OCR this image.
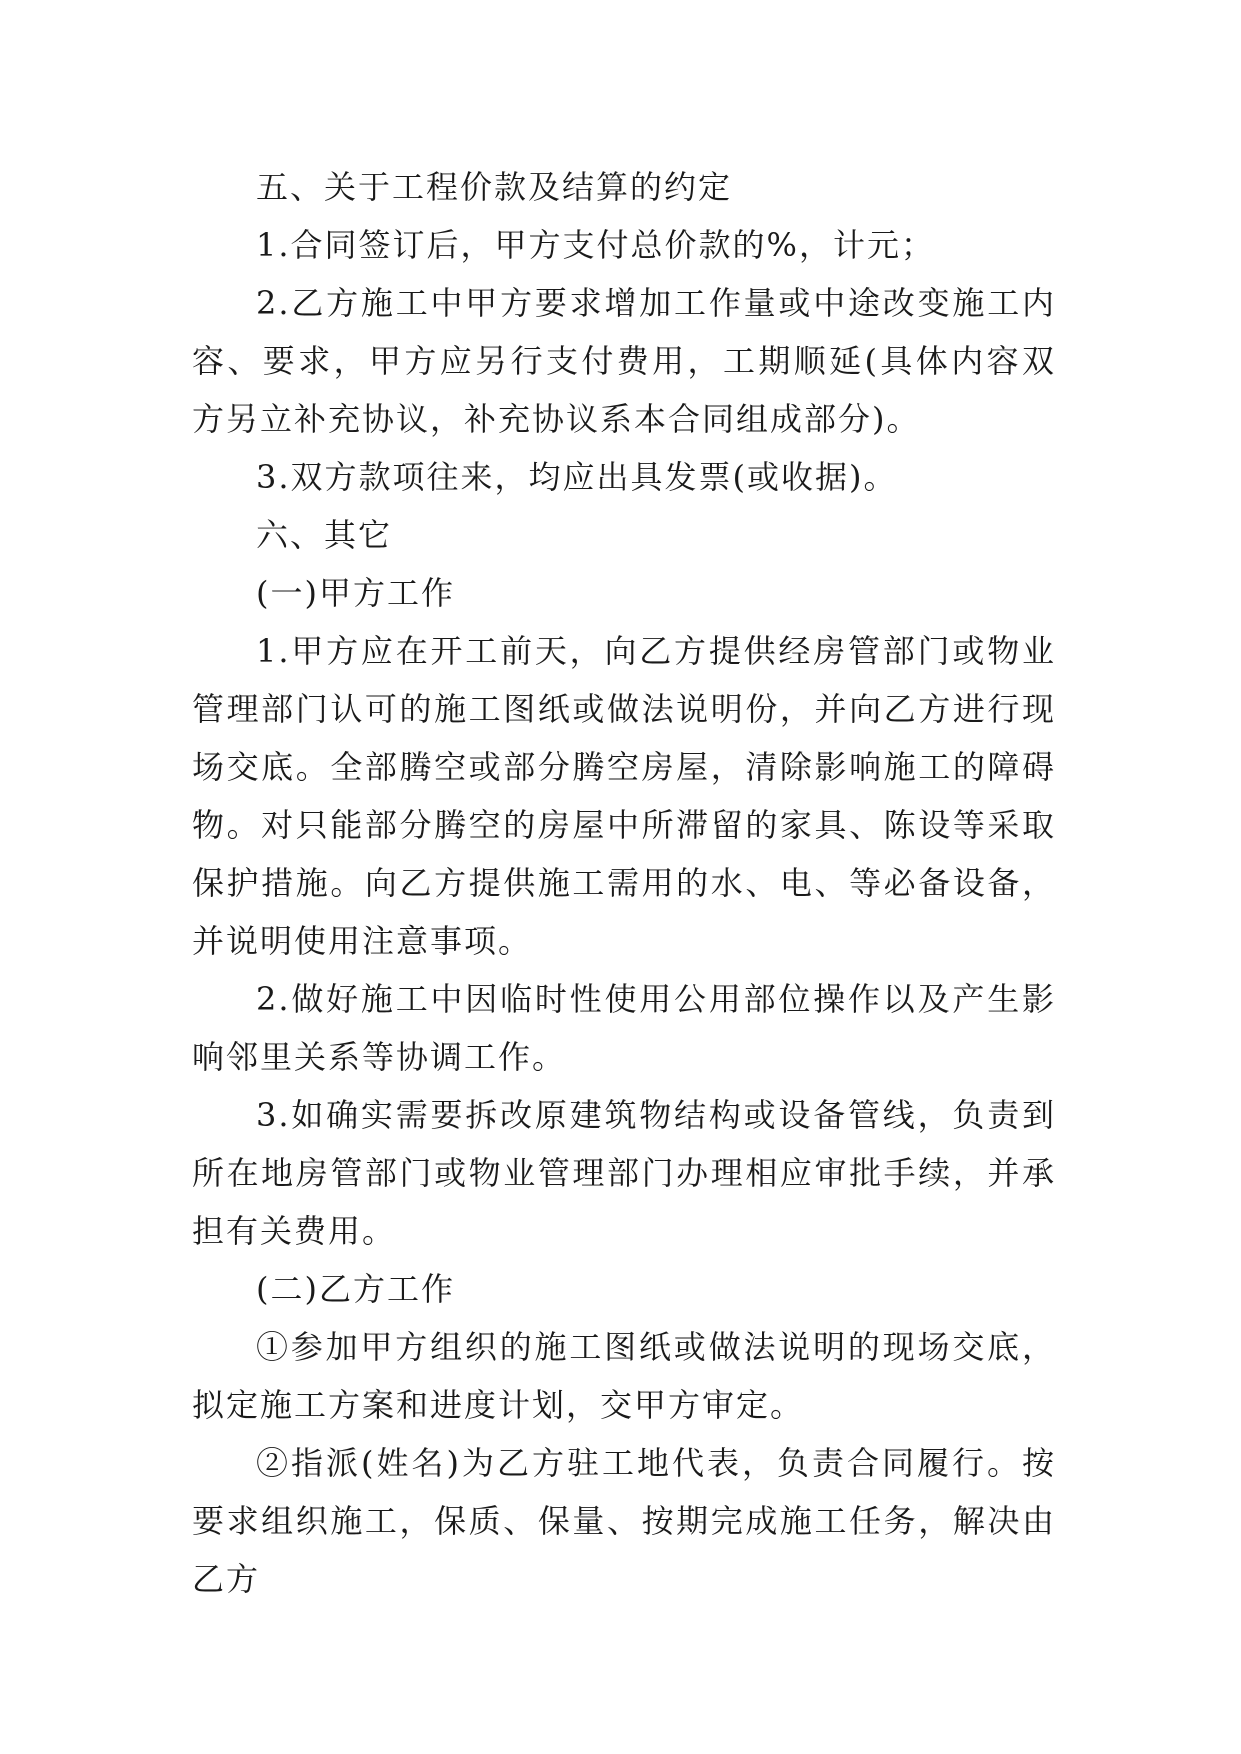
五、关于工程价款及结算的约定

1.合同签订后，甲方支付总价款的%，计元；

2.乙方施工中甲方要求增加工作量或中途改变施工内容、要求，甲方应另行支付费用，工期顺延(具体内容双方另立补充协议，补充协议系本合同组成部分)。

3.双方款项往来，均应出具发票(或收据)。

六、其它

(一)甲方工作

1.甲方应在开工前天，向乙方提供经房管部门或物业管理部门认可的施工图纸或做法说明份，并向乙方进行现场交底。全部腾空或部分腾空房屋，清除影响施工的障碍物。对只能部分腾空的房屋中所滞留的家具、陈设等采取保护措施。向乙方提供施工需用的水、电、等必备设备，并说明使用注意事项。

2.做好施工中因临时性使用公用部位操作以及产生影响邻里关系等协调工作。

3.如确实需要拆改原建筑物结构或设备管线，负责到所在地房管部门或物业管理部门办理相应审批手续，并承担有关费用。

(二)乙方工作

①参加甲方组织的施工图纸或做法说明的现场交底，拟定施工方案和进度计划，交甲方审定。

②指派(姓名)为乙方驻工地代表，负责合同履行。按要求组织施工，保质、保量、按期完成施工任务，解决由乙方
